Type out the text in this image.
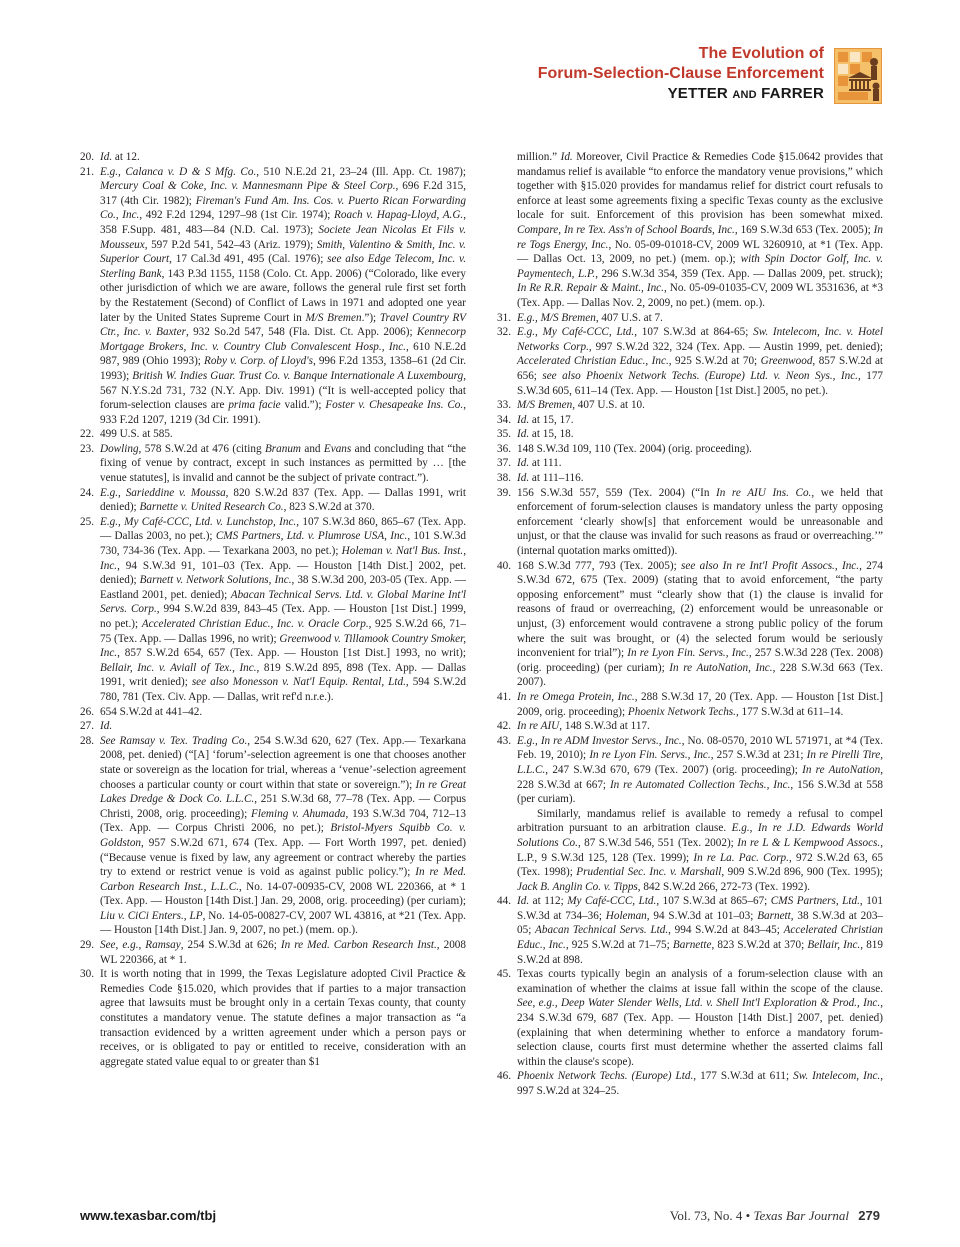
The Evolution of
Forum-Selection-Clause Enforcement
YETTER AND FARRER

20. Id. at 12.

21. E.g., Calanca v. D & S Mfg. Co., 510 N.E.2d 21, 23–24 (Ill. App. Ct. 1987); Mercury Coal & Coke, Inc. v. Mannesmann Pipe & Steel Corp., 696 F.2d 315, 317 (4th Cir. 1982); Fireman's Fund Am. Ins. Cos. v. Puerto Rican Forwarding Co., Inc., 492 F.2d 1294, 1297–98 (1st Cir. 1974); Roach v. Hapag-Lloyd, A.G., 358 F.Supp. 481, 483—84 (N.D. Cal. 1973); Societe Jean Nicolas Et Fils v. Mousseux, 597 P.2d 541, 542–43 (Ariz. 1979); Smith, Valentino & Smith, Inc. v. Superior Court, 17 Cal.3d 491, 495 (Cal. 1976); see also Edge Telecom, Inc. v. Sterling Bank, 143 P.3d 1155, 1158 (Colo. Ct. App. 2006) (“Colorado, like every other jurisdiction of which we are aware, follows the general rule first set forth by the Restatement (Second) of Conflict of Laws in 1971 and adopted one year later by the United States Supreme Court in M/S Bremen.”); Travel Country RV Ctr., Inc. v. Baxter, 932 So.2d 547, 548 (Fla. Dist. Ct. App. 2006); Kennecorp Mortgage Brokers, Inc. v. Country Club Convalescent Hosp., Inc., 610 N.E.2d 987, 989 (Ohio 1993); Roby v. Corp. of Lloyd's, 996 F.2d 1353, 1358–61 (2d Cir. 1993); British W. Indies Guar. Trust Co. v. Banque Internationale A Luxembourg, 567 N.Y.S.2d 731, 732 (N.Y. App. Div. 1991) (“It is well-accepted policy that forum-selection clauses are prima facie valid.”); Foster v. Chesapeake Ins. Co., 933 F.2d 1207, 1219 (3d Cir. 1991).

22. 499 U.S. at 585.

23. Dowling, 578 S.W.2d at 476 (citing Branum and Evans and concluding that “the fixing of venue by contract, except in such instances as permitted by … [the venue statutes], is invalid and cannot be the subject of private contract.”).

24. E.g., Sarieddine v. Moussa, 820 S.W.2d 837 (Tex. App. — Dallas 1991, writ denied); Barnette v. United Research Co., 823 S.W.2d at 370.

25. E.g., My Café-CCC, Ltd. v. Lunchstop, Inc., 107 S.W.3d 860, 865–67 (Tex. App. — Dallas 2003, no pet.); CMS Partners, Ltd. v. Plumrose USA, Inc., 101 S.W.3d 730, 734-36 (Tex. App. — Texarkana 2003, no pet.); Holeman v. Nat'l Bus. Inst., Inc., 94 S.W.3d 91, 101–03 (Tex. App. — Houston [14th Dist.] 2002, pet. denied); Barnett v. Network Solutions, Inc., 38 S.W.3d 200, 203-05 (Tex. App. — Eastland 2001, pet. denied); Abacan Technical Servs. Ltd. v. Global Marine Int'l Servs. Corp., 994 S.W.2d 839, 843–45 (Tex. App. — Houston [1st Dist.] 1999, no pet.); Accelerated Christian Educ., Inc. v. Oracle Corp., 925 S.W.2d 66, 71–75 (Tex. App. — Dallas 1996, no writ); Greenwood v. Tillamook Country Smoker, Inc., 857 S.W.2d 654, 657 (Tex. App. — Houston [1st Dist.] 1993, no writ); Bellair, Inc. v. Aviall of Tex., Inc., 819 S.W.2d 895, 898 (Tex. App. — Dallas 1991, writ denied); see also Monesson v. Nat'l Equip. Rental, Ltd., 594 S.W.2d 780, 781 (Tex. Civ. App. — Dallas, writ ref'd n.r.e.).

26. 654 S.W.2d at 441–42.

27. Id.

28. See Ramsay v. Tex. Trading Co., 254 S.W.3d 620, 627 (Tex. App.— Texarkana 2008, pet. denied) (“[A] ‘forum’-selection agreement is one that chooses another state or sovereign as the location for trial, whereas a ‘venue’-selection agreement chooses a particular county or court within that state or sovereign.”); In re Great Lakes Dredge & Dock Co. L.L.C., 251 S.W.3d 68, 77–78 (Tex. App. — Corpus Christi, 2008, orig. proceeding); Fleming v. Ahumada, 193 S.W.3d 704, 712–13 (Tex. App. — Corpus Christi 2006, no pet.); Bristol-Myers Squibb Co. v. Goldston, 957 S.W.2d 671, 674 (Tex. App. — Fort Worth 1997, pet. denied) (“Because venue is fixed by law, any agreement or contract whereby the parties try to extend or restrict venue is void as against public policy.”); In re Med. Carbon Research Inst., L.L.C., No. 14-07-00935-CV, 2008 WL 220366, at * 1 (Tex. App. — Houston [14th Dist.] Jan. 29, 2008, orig. proceeding) (per curiam); Liu v. CiCi Enters., LP, No. 14-05-00827-CV, 2007 WL 43816, at *21 (Tex. App. — Houston [14th Dist.] Jan. 9, 2007, no pet.) (mem. op.).

29. See, e.g., Ramsay, 254 S.W.3d at 626; In re Med. Carbon Research Inst., 2008 WL 220366, at * 1.

30. It is worth noting that in 1999, the Texas Legislature adopted Civil Practice & Remedies Code §15.020, which provides that if parties to a major transaction agree that lawsuits must be brought only in a certain Texas county, that county constitutes a mandatory venue. The statute defines a major transaction as “a transaction evidenced by a written agreement under which a person pays or receives, or is obligated to pay or entitled to receive, consideration with an aggregate stated value equal to or greater than $1

million.” Id. Moreover, Civil Practice & Remedies Code §15.0642 provides that mandamus relief is available “to enforce the mandatory venue provisions,” which together with §15.020 provides for mandamus relief for district court refusals to enforce at least some agreements fixing a specific Texas county as the exclusive locale for suit. Enforcement of this provision has been somewhat mixed. Compare, In re Tex. Ass'n of School Boards, Inc., 169 S.W.3d 653 (Tex. 2005); In re Togs Energy, Inc., No. 05-09-01018-CV, 2009 WL 3260910, at *1 (Tex. App. — Dallas Oct. 13, 2009, no pet.) (mem. op.); with Spin Doctor Golf, Inc. v. Paymentech, L.P., 296 S.W.3d 354, 359 (Tex. App. — Dallas 2009, pet. struck); In Re R.R. Repair & Maint., Inc., No. 05-09-01035-CV, 2009 WL 3531636, at *3 (Tex. App. — Dallas Nov. 2, 2009, no pet.) (mem. op.).

31. E.g., M/S Bremen, 407 U.S. at 7.

32. E.g., My Café-CCC, Ltd., 107 S.W.3d at 864-65; Sw. Intelecom, Inc. v. Hotel Networks Corp., 997 S.W.2d 322, 324 (Tex. App. — Austin 1999, pet. denied); Accelerated Christian Educ., Inc., 925 S.W.2d at 70; Greenwood, 857 S.W.2d at 656; see also Phoenix Network Techs. (Europe) Ltd. v. Neon Sys., Inc., 177 S.W.3d 605, 611–14 (Tex. App. — Houston [1st Dist.] 2005, no pet.).

33. M/S Bremen, 407 U.S. at 10.

34. Id. at 15, 17.

35. Id. at 15, 18.

36. 148 S.W.3d 109, 110 (Tex. 2004) (orig. proceeding).

37. Id. at 111.

38. Id. at 111–116.

39. 156 S.W.3d 557, 559 (Tex. 2004) (“In In re AIU Ins. Co., we held that enforcement of forum-selection clauses is mandatory unless the party opposing enforcement ‘clearly show[s] that enforcement would be unreasonable and unjust, or that the clause was invalid for such reasons as fraud or overreaching.’” (internal quotation marks omitted)).

40. 168 S.W.3d 777, 793 (Tex. 2005); see also In re Int'l Profit Assocs., Inc., 274 S.W.3d 672, 675 (Tex. 2009) (stating that to avoid enforcement, “the party opposing enforcement” must “clearly show that (1) the clause is invalid for reasons of fraud or overreaching, (2) enforcement would be unreasonable or unjust, (3) enforcement would contravene a strong public policy of the forum where the suit was brought, or (4) the selected forum would be seriously inconvenient for trial”); In re Lyon Fin. Servs., Inc., 257 S.W.3d 228 (Tex. 2008) (orig. proceeding) (per curiam); In re AutoNation, Inc., 228 S.W.3d 663 (Tex. 2007).

41. In re Omega Protein, Inc., 288 S.W.3d 17, 20 (Tex. App. — Houston [1st Dist.] 2009, orig. proceeding); Phoenix Network Techs., 177 S.W.3d at 611–14.

42. In re AIU, 148 S.W.3d at 117.

43. E.g., In re ADM Investor Servs., Inc., No. 08-0570, 2010 WL 571971, at *4 (Tex. Feb. 19, 2010); In re Lyon Fin. Servs., Inc., 257 S.W.3d at 231; In re Pirelli Tire, L.L.C., 247 S.W.3d 670, 679 (Tex. 2007) (orig. proceeding); In re AutoNation, 228 S.W.3d at 667; In re Automated Collection Techs., Inc., 156 S.W.3d at 558 (per curiam).
Similarly, mandamus relief is available to remedy a refusal to compel arbitration pursuant to an arbitration clause. E.g., In re J.D. Edwards World Solutions Co., 87 S.W.3d 546, 551 (Tex. 2002); In re L & L Kempwood Assocs., L.P., 9 S.W.3d 125, 128 (Tex. 1999); In re La. Pac. Corp., 972 S.W.2d 63, 65 (Tex. 1998); Prudential Sec. Inc. v. Marshall, 909 S.W.2d 896, 900 (Tex. 1995); Jack B. Anglin Co. v. Tipps, 842 S.W.2d 266, 272-73 (Tex. 1992).

44. Id. at 112; My Café-CCC, Ltd., 107 S.W.3d at 865–67; CMS Partners, Ltd., 101 S.W.3d at 734–36; Holeman, 94 S.W.3d at 101–03; Barnett, 38 S.W.3d at 203–05; Abacan Technical Servs. Ltd., 994 S.W.2d at 843–45; Accelerated Christian Educ., Inc., 925 S.W.2d at 71–75; Barnette, 823 S.W.2d at 370; Bellair, Inc., 819 S.W.2d at 898.

45. Texas courts typically begin an analysis of a forum-selection clause with an examination of whether the claims at issue fall within the scope of the clause. See, e.g., Deep Water Slender Wells, Ltd. v. Shell Int'l Exploration & Prod., Inc., 234 S.W.3d 679, 687 (Tex. App. — Houston [14th Dist.] 2007, pet. denied) (explaining that when determining whether to enforce a mandatory forum-selection clause, courts first must determine whether the asserted claims fall within the clause's scope).

46. Phoenix Network Techs. (Europe) Ltd., 177 S.W.3d at 611; Sw. Intelecom, Inc., 997 S.W.2d at 324–25.

www.texasbar.com/tbj	Vol. 73, No. 4 • Texas Bar Journal 279
